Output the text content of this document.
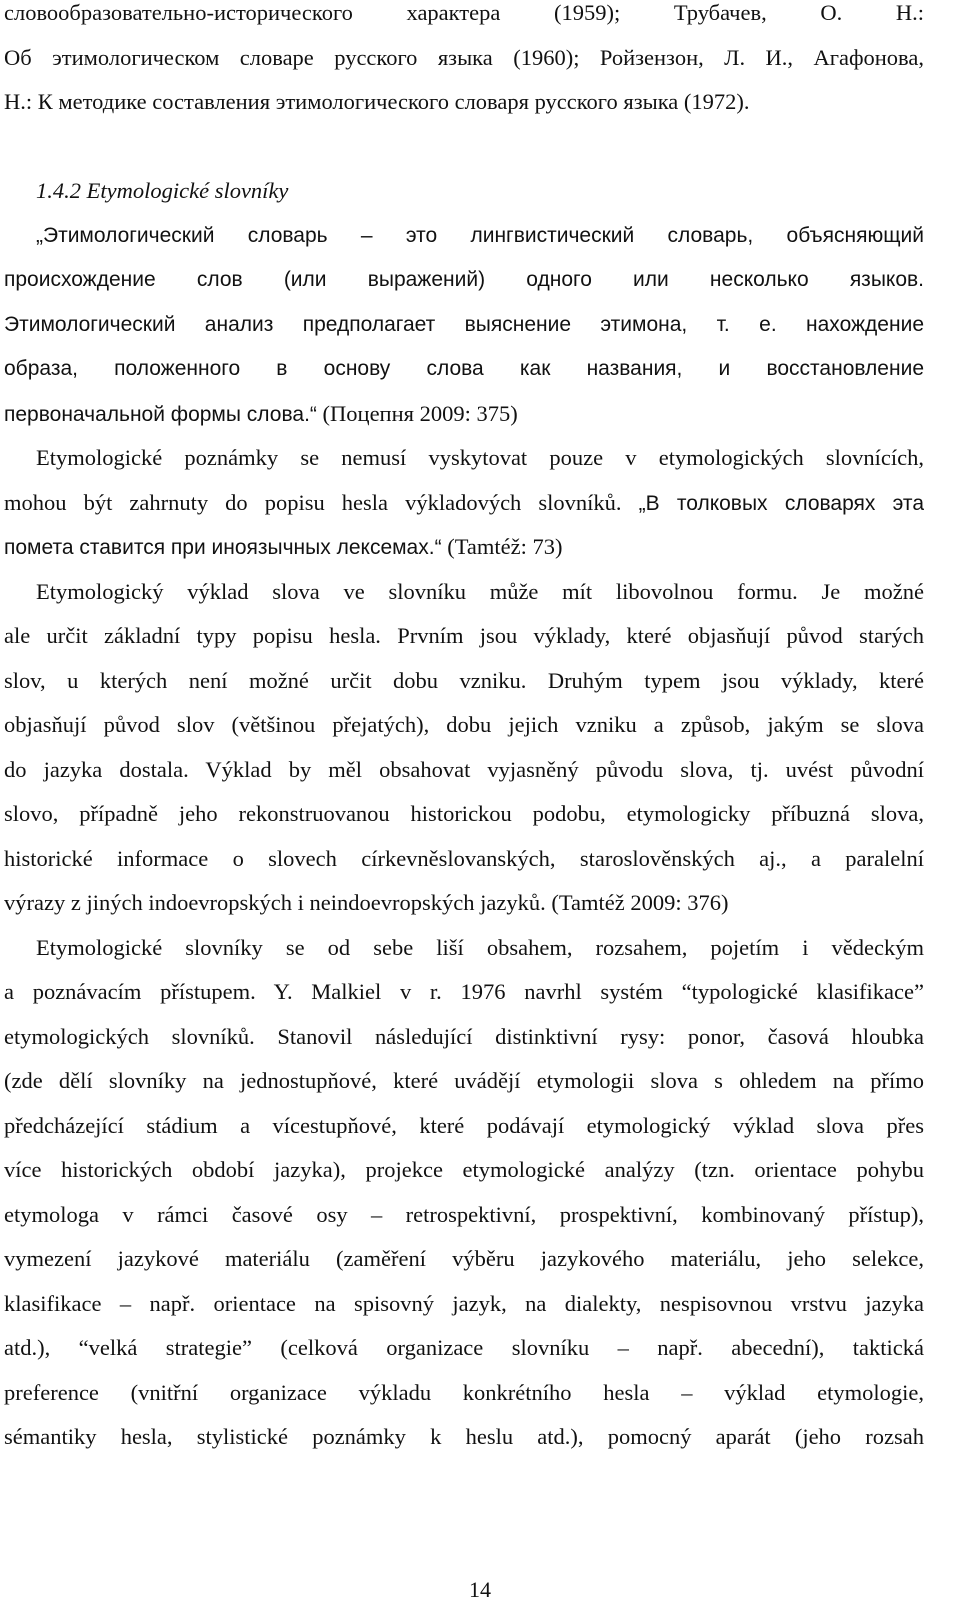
словообразовательно-исторического характера (1959); Трубачев, О. Н.:
Об этимологическом словаре русского языка (1960); Ройзензон, Л. И., Агафонова,
Н.: К методике составления этимологического словаря русского языка (1972).
1.4.2 Etymologické slovníky
„Этимологический словарь – это лингвистический словарь, объясняющий
происхождение слов (или выражений) одного или несколько языков.
Этимологический анализ предполагает выяснение этимона, т. е. нахождение
образа, положенного в основу слова как названия, и восстановление
первоначальной формы слова.“ (Поцепня 2009: 375)
Etymologické poznámky se nemusí vyskytovat pouze v etymologických slovnících,
mohou být zahrnuty do popisu hesla výkladových slovníků. „В толковых словарях эта
помета ставится при иноязычных лексемах.“ (Tamtéž: 73)
Etymologický výklad slova ve slovníku může mít libovolnou formu. Je možné
ale určit základní typy popisu hesla. Prvním jsou výklady, které objasňují původ starých
slov, u kterých není možné určit dobu vzniku. Druhým typem jsou výklady, které
objasňují původ slov (většinou přejatých), dobu jejich vzniku a způsob, jakým se slova
do jazyka dostala. Výklad by měl obsahovat vyjasněný původu slova, tj. uvést původní
slovo, případně jeho rekonstruovanou historickou podobu, etymologicky příbuzná slova,
historické informace o slovech církevněslovanských, staroslověnských aj., a paralelní
výrazy z jiných indoevropských i neindoevropských jazyků. (Tamtéž 2009: 376)
Etymologické slovníky se od sebe liší obsahem, rozsahem, pojetím i vědeckým
a poznávacím přístupem. Y. Malkiel v r. 1976 navrhl systém “typologické klasifikace”
etymologických slovníků. Stanovil následující distinktivní rysy: ponor, časová hloubka
(zde dělí slovníky na jednostupňové, které uvádějí etymologii slova s ohledem na přímo
předcházející stádium a vícestupňové, které podávají etymologický výklad slova přes
více historických období jazyka), projekce etymologické analýzy (tzn. orientace pohybu
etymologa v rámci časové osy – retrospektivní, prospektivní, kombinovaný přístup),
vymezení jazykové materiálu (zaměření výběru jazykového materiálu, jeho selekce,
klasifikace – např. orientace na spisovný jazyk, na dialekty, nespisovnou vrstvu jazyka
atd.), “velká strategie” (celková organizace slovníku – např. abecední), taktická
preference (vnitřní organizace výkladu konkrétního hesla – výklad etymologie,
sémantiky hesla, stylistické poznámky k heslu atd.), pomocný aparát (jeho rozsah
14
